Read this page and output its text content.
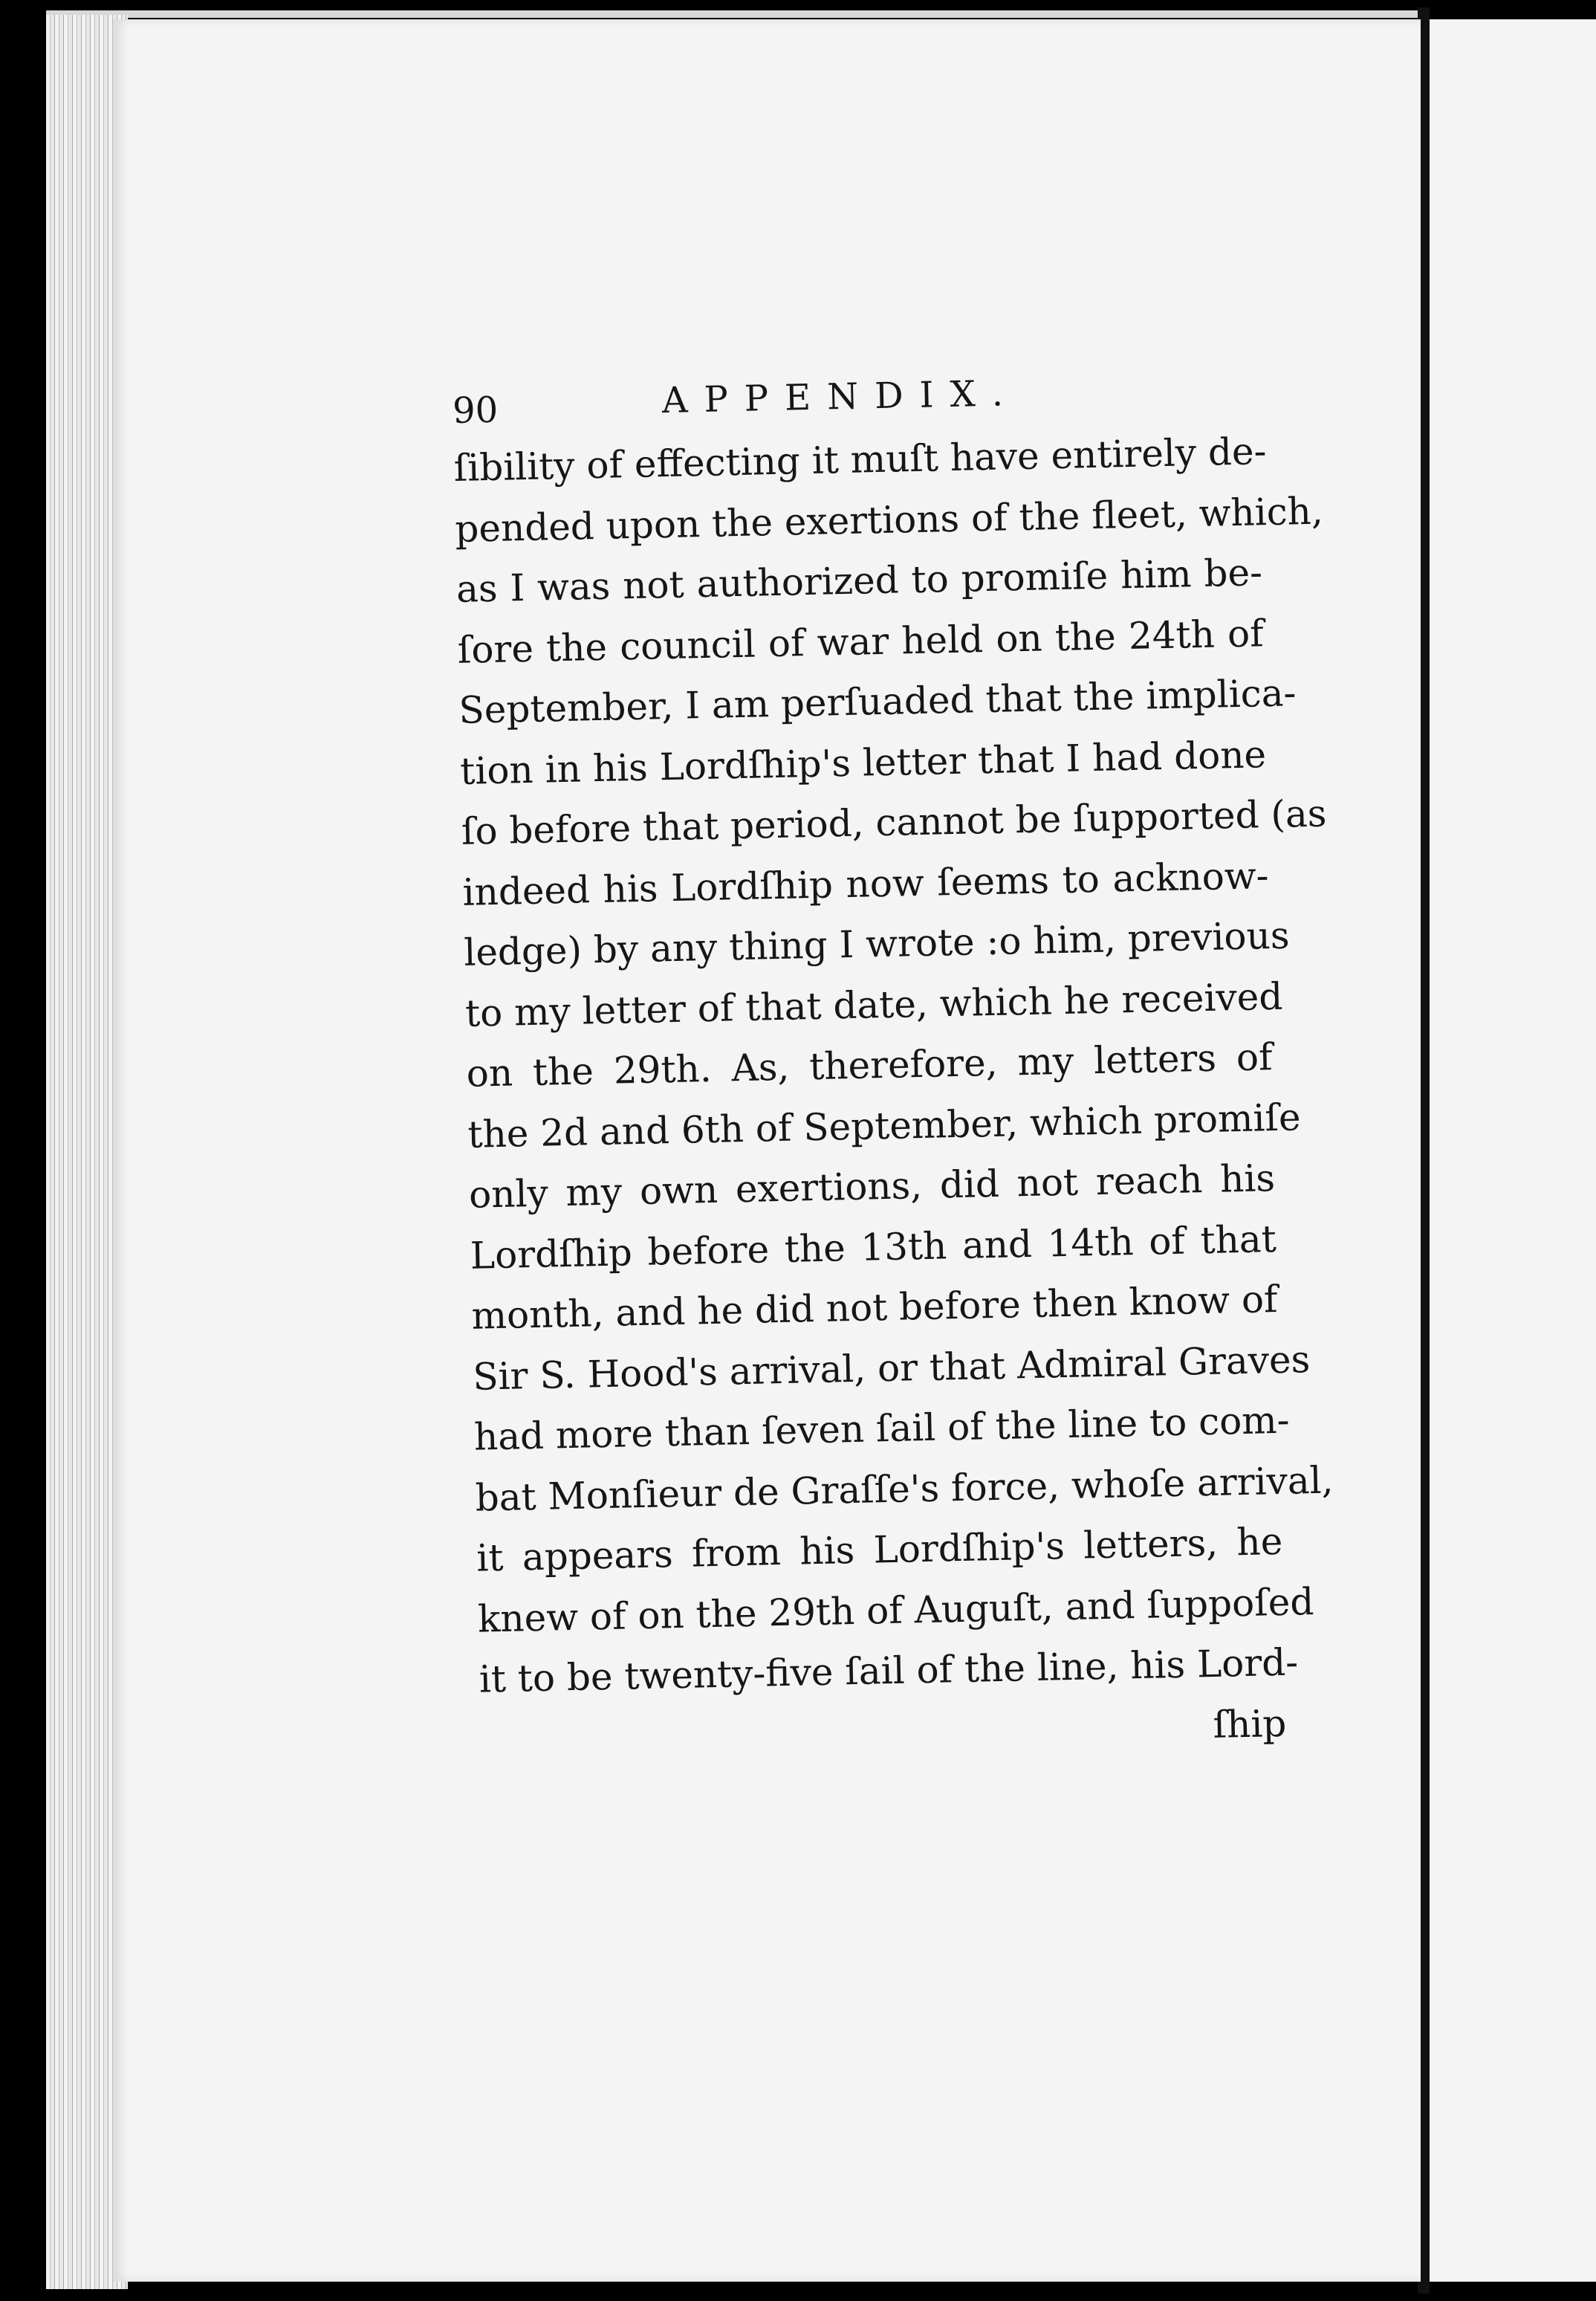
90	APPENDIX.
ſibility of effecting it muſt have entirely de-
pended upon the exertions of the fleet, which,
as I was not authorized to promiſe him be-
ſore the council of war held on the 24th of
September, I am perſuaded that the implica-
tion in his Lordſhip's letter that I had done
ſo before that period, cannot be ſupported (as
indeed his Lordſhip now ſeems to acknow-
ledge) by any thing I wrote :o him, previous
to my letter of that date, which he received
on the 29th. As, therefore, my letters of
the 2d and 6th of September, which promiſe
only my own exertions, did not reach his
Lordſhip before the 13th and 14th of that
month, and he did not before then know of
Sir S. Hood's arrival, or that Admiral Graves
had more than ſeven ſail of the line to com-
bat Monſieur de Graſſe's force, whoſe arrival,
it appears from his Lordſhip's letters, he
knew of on the 29th of Auguſt, and ſuppoſed
it to be twenty-five ſail of the line, his Lord-
ſhip
